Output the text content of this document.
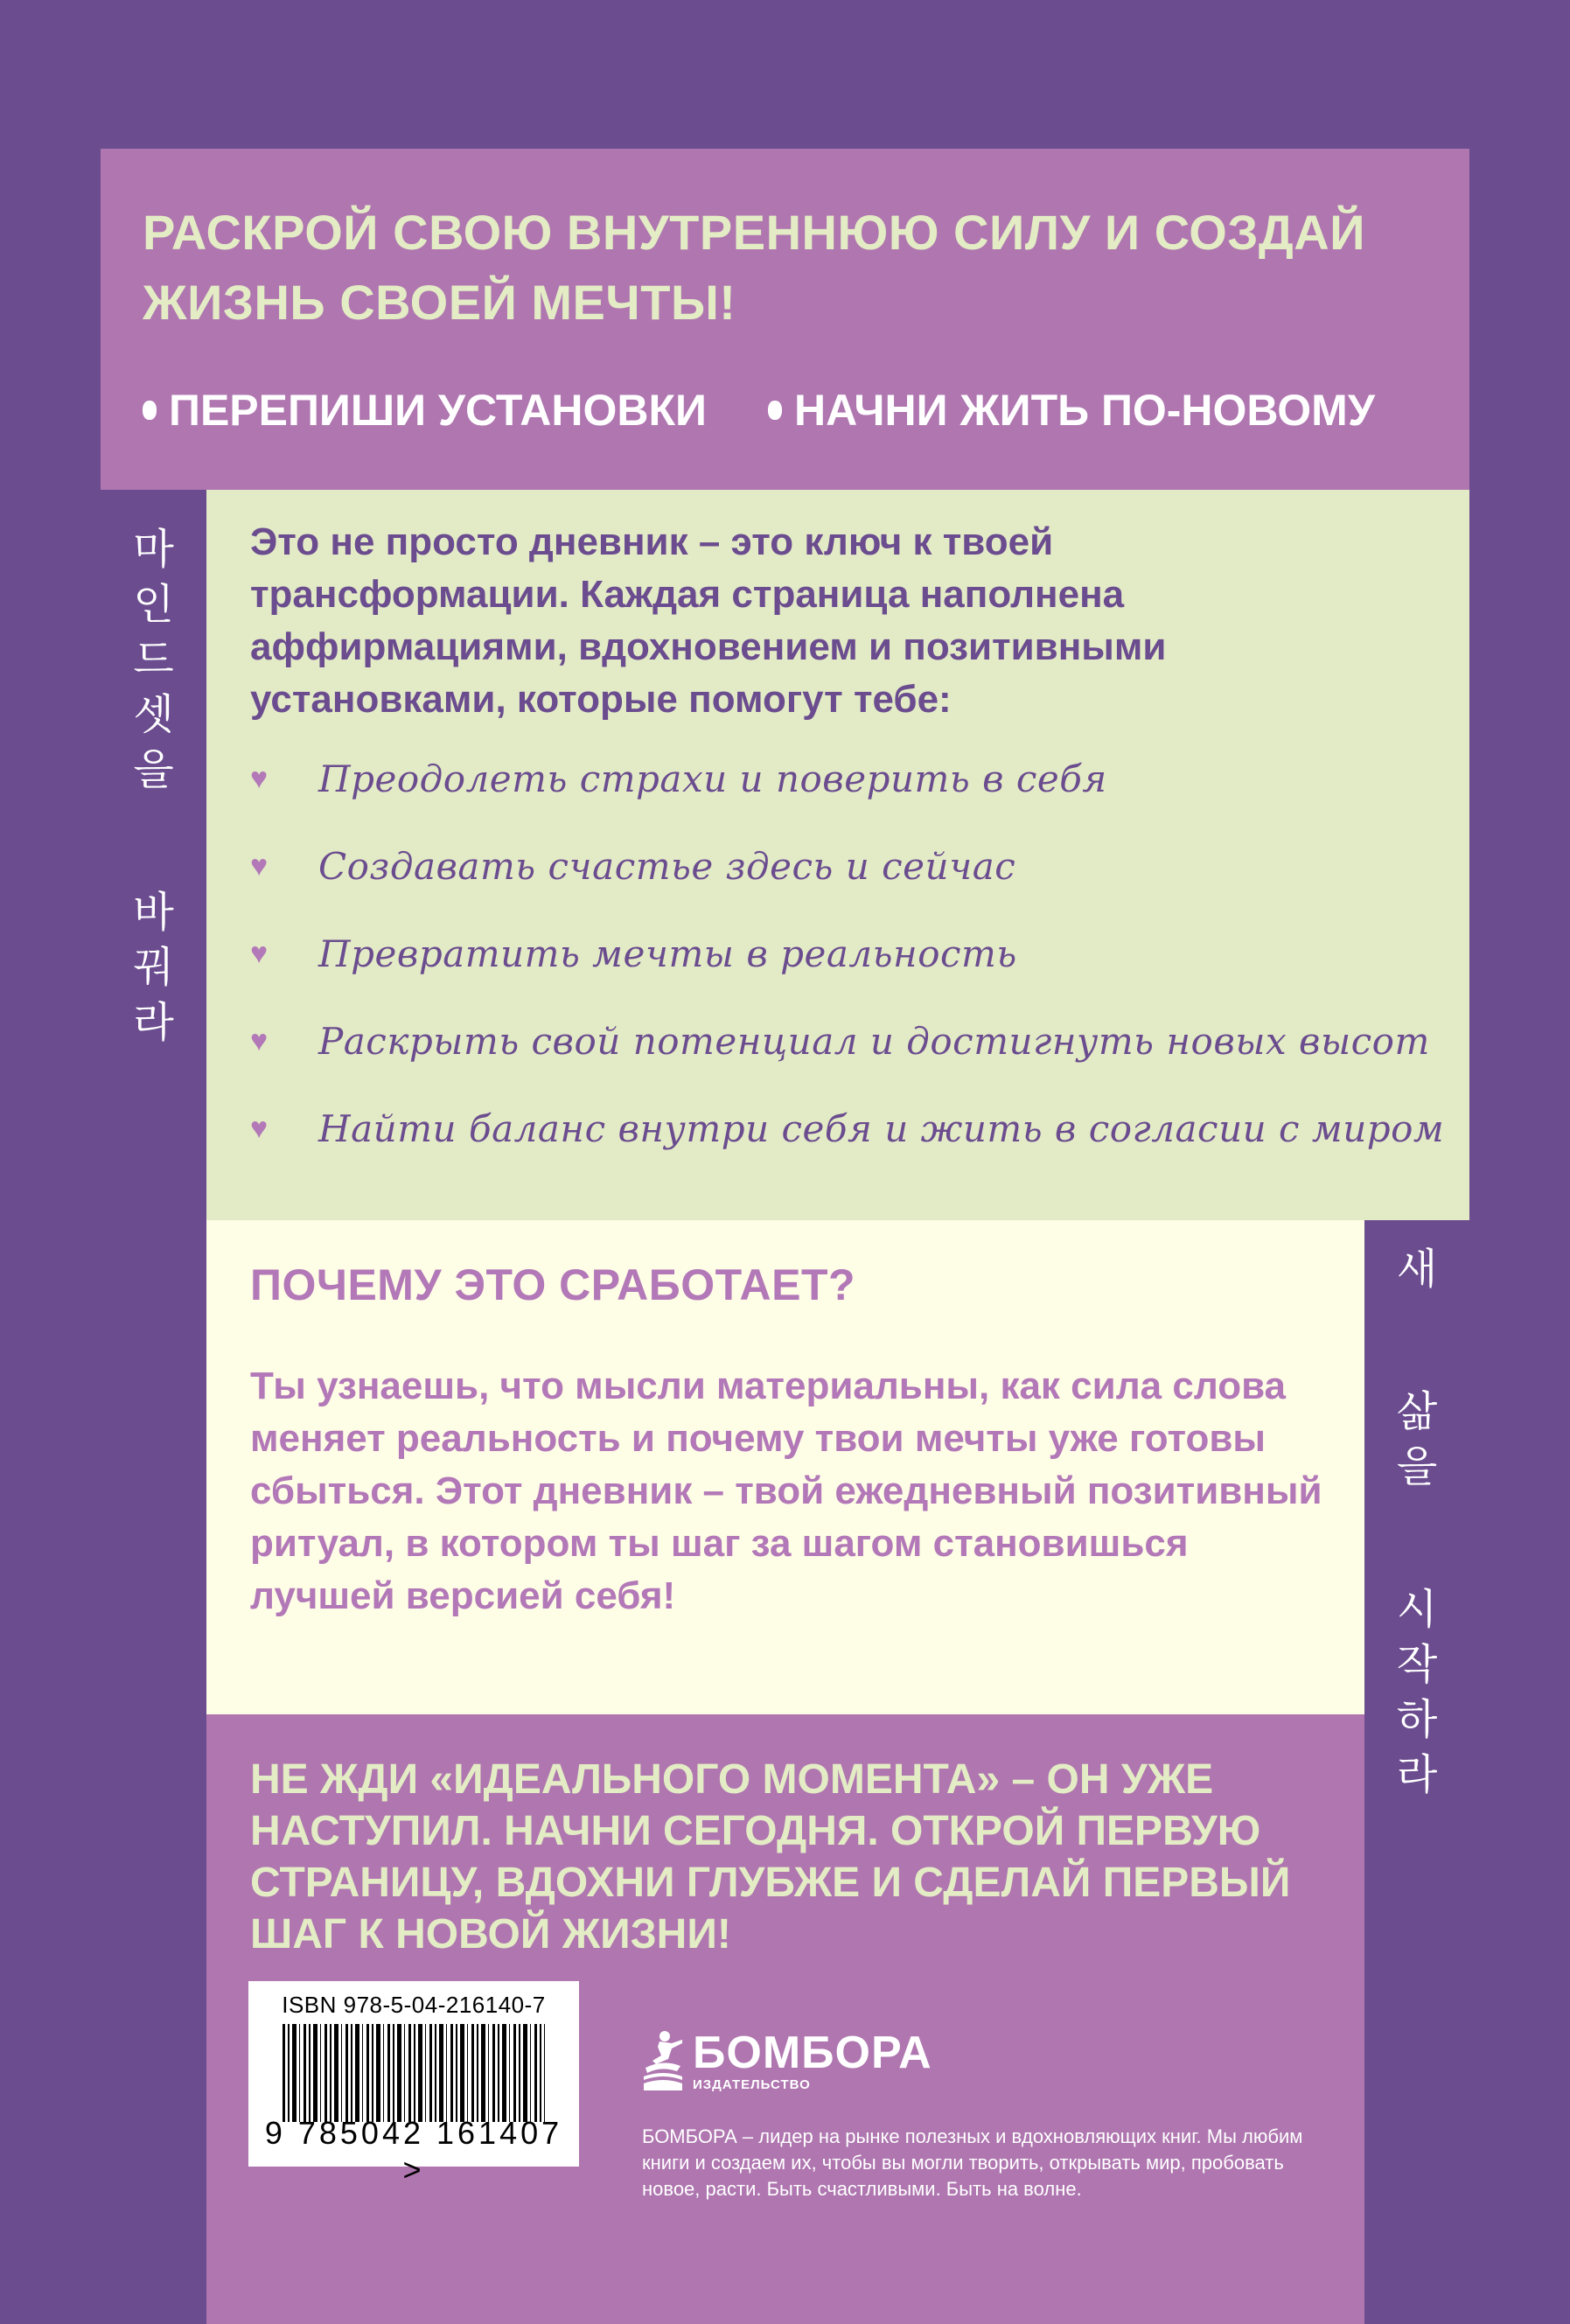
РАСКРОЙ СВОЮ ВНУТРЕННЮЮ СИЛУ И СОЗДАЙ ЖИЗНЬ СВОЕЙ МЕЧТЫ!
ПЕРЕПИШИ УСТАНОВКИ НАЧНИ ЖИТЬ ПО-НОВОМУ
마
인
드
셋
을
바
꿔
라

Это не просто дневник – это ключ к твоей трансформации. Каждая страница наполнена аффирмациями, вдохновением и позитивными установками, которые помогут тебе:

♥	Преодолеть страхи и поверить в себя
♥	Создавать счастье здесь и сейчас
♥	Превратить мечты в реальность
♥	Раскрыть свой потенциал и достигнуть новых высот
♥	Найти баланс внутри себя и жить в согласии с миром
ПОЧЕМУ ЭТО СРАБОТАЕТ?

Ты узнаешь, что мысли материальны, как сила слова меняет реальность и почему твои мечты уже готовы сбыться. Этот дневник – твой ежедневный позитивный ритуал, в котором ты шаг за шагом становишься лучшей версией себя!

새
삶
을
시
작
하
라

НЕ ЖДИ «ИДЕАЛЬНОГО МОМЕНТА» – ОН УЖЕ НАСТУПИЛ. НАЧНИ СЕГОДНЯ. ОТКРОЙ ПЕРВУЮ СТРАНИЦУ, ВДОХНИ ГЛУБЖЕ И СДЕЛАЙ ПЕРВЫЙ ШАГ К НОВОЙ ЖИЗНИ!

ISBN 978-5-04-216140-7
9 785042 161407 >
БОМБОРА
ИЗДАТЕЛЬСТВО

БОМБОРА – лидер на рынке полезных и вдохновляющих книг. Мы любим книги и создаем их, чтобы вы могли творить, открывать мир, пробовать новое, расти. Быть счастливыми. Быть на волне.
